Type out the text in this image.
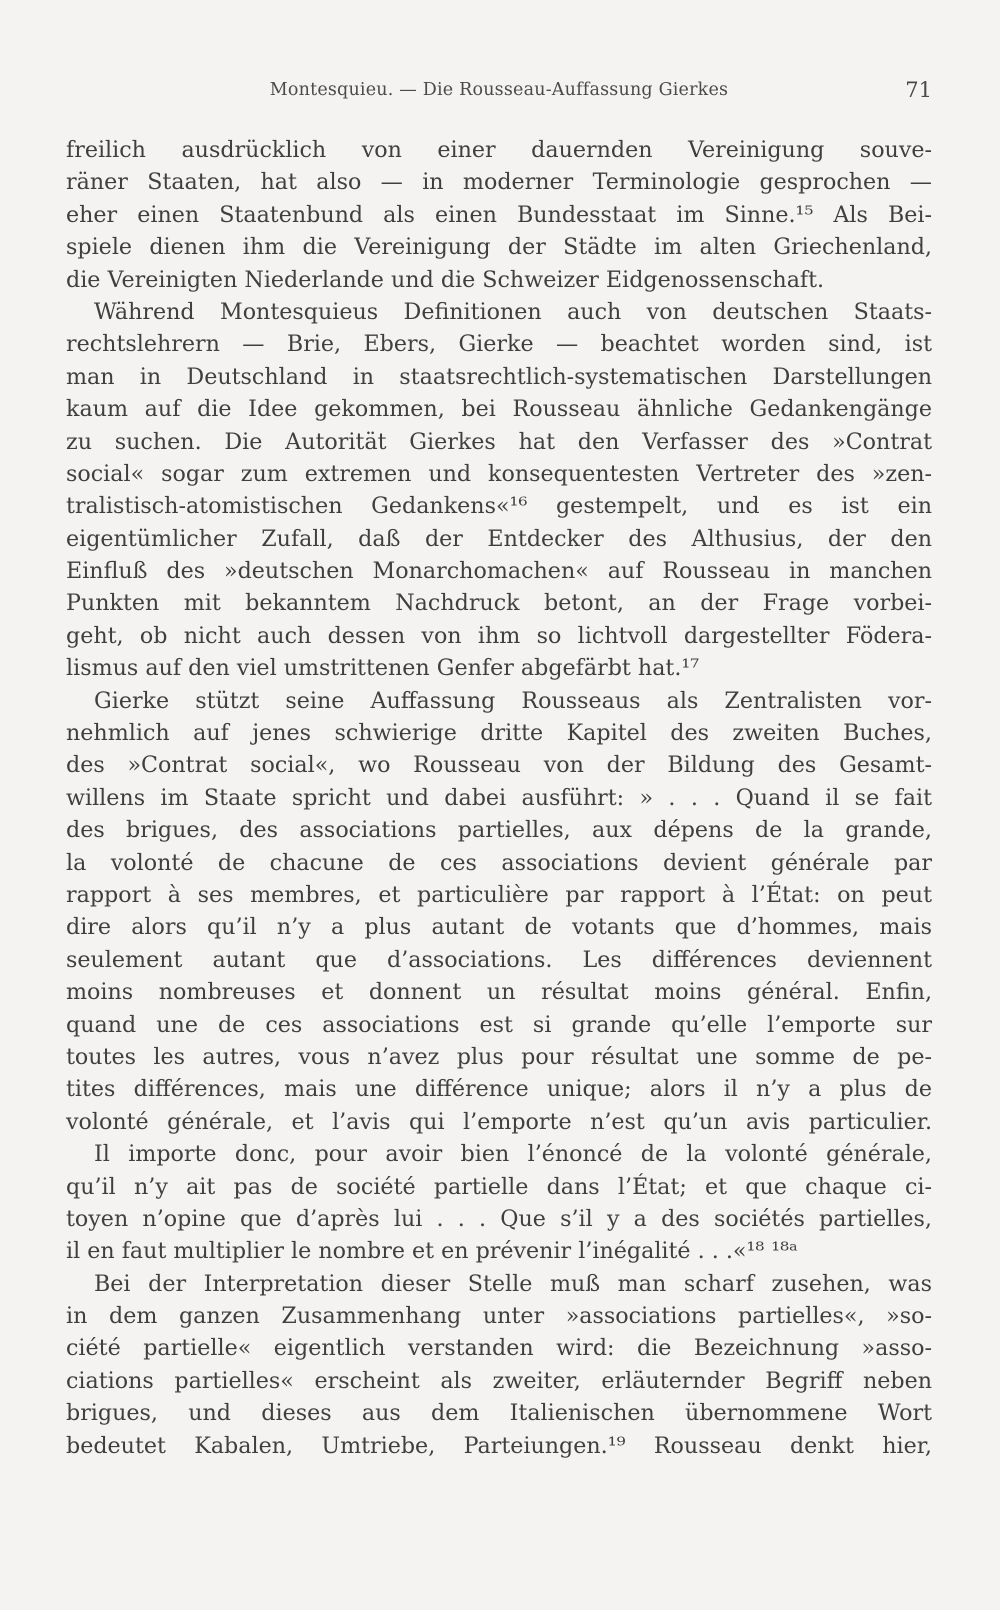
Montesquieu. — Die Rousseau-Auffassung Gierkes	71
freilich ausdrücklich von einer dauernden Vereinigung souve-
räner Staaten, hat also — in moderner Terminologie gesprochen —
eher einen Staatenbund als einen Bundesstaat im Sinne.¹⁵ Als Bei-
spiele dienen ihm die Vereinigung der Städte im alten Griechenland,
die Vereinigten Niederlande und die Schweizer Eidgenossenschaft.
Während Montesquieus Definitionen auch von deutschen Staats-
rechtslehrern — Brie, Ebers, Gierke — beachtet worden sind, ist
man in Deutschland in staatsrechtlich-systematischen Darstellungen
kaum auf die Idee gekommen, bei Rousseau ähnliche Gedankengänge
zu suchen. Die Autorität Gierkes hat den Verfasser des »Contrat
social« sogar zum extremen und konsequentesten Vertreter des »zen-
tralistisch-atomistischen Gedankens«¹⁶ gestempelt, und es ist ein
eigentümlicher Zufall, daß der Entdecker des Althusius, der den
Einfluß des »deutschen Monarchomachen« auf Rousseau in manchen
Punkten mit bekanntem Nachdruck betont, an der Frage vorbei-
geht, ob nicht auch dessen von ihm so lichtvoll dargestellter Födera-
lismus auf den viel umstrittenen Genfer abgefärbt hat.¹⁷
Gierke stützt seine Auffassung Rousseaus als Zentralisten vor-
nehmlich auf jenes schwierige dritte Kapitel des zweiten Buches,
des »Contrat social«, wo Rousseau von der Bildung des Gesamt-
willens im Staate spricht und dabei ausführt: » . . . Quand il se fait
des brigues, des associations partielles, aux dépens de la grande,
la volonté de chacune de ces associations devient générale par
rapport à ses membres, et particulière par rapport à l’État: on peut
dire alors qu’il n’y a plus autant de votants que d’hommes, mais
seulement autant que d’associations. Les différences deviennent
moins nombreuses et donnent un résultat moins général. Enfin,
quand une de ces associations est si grande qu’elle l’emporte sur
toutes les autres, vous n’avez plus pour résultat une somme de pe-
tites différences, mais une différence unique; alors il n’y a plus de
volonté générale, et l’avis qui l’emporte n’est qu’un avis particulier.
Il importe donc, pour avoir bien l’énoncé de la volonté générale,
qu’il n’y ait pas de société partielle dans l’État; et que chaque ci-
toyen n’opine que d’après lui . . . Que s’il y a des sociétés partielles,
il en faut multiplier le nombre et en prévenir l’inégalité . . .«¹⁸ ¹⁸ᵃ
Bei der Interpretation dieser Stelle muß man scharf zusehen, was
in dem ganzen Zusammenhang unter »associations partielles«, »so-
ciété partielle« eigentlich verstanden wird: die Bezeichnung »asso-
ciations partielles« erscheint als zweiter, erläuternder Begriff neben
brigues, und dieses aus dem Italienischen übernommene Wort
bedeutet Kabalen, Umtriebe, Parteiungen.¹⁹ Rousseau denkt hier,
